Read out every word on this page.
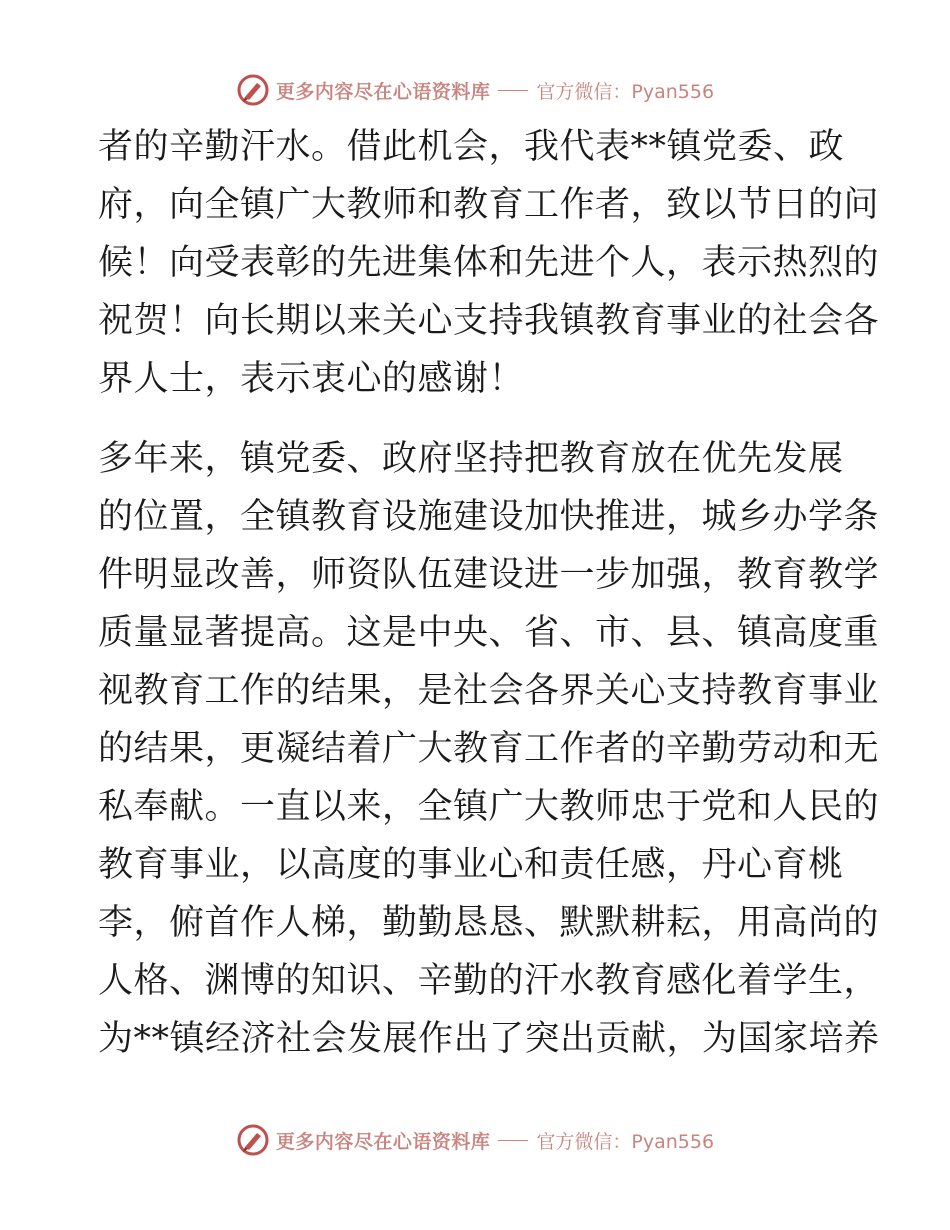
更多内容尽在心语资料库 官方微信：Pyan556
者的辛勤汗水。借此机会，我代表**镇党委、政
府，向全镇广大教师和教育工作者，致以节日的问
候！向受表彰的先进集体和先进个人，表示热烈的
祝贺！向长期以来关心支持我镇教育事业的社会各
界人士，表示衷心的感谢！
多年来，镇党委、政府坚持把教育放在优先发展
的位置，全镇教育设施建设加快推进，城乡办学条
件明显改善，师资队伍建设进一步加强，教育教学
质量显著提高。这是中央、省、市、县、镇高度重
视教育工作的结果，是社会各界关心支持教育事业
的结果，更凝结着广大教育工作者的辛勤劳动和无
私奉献。一直以来，全镇广大教师忠于党和人民的
教育事业，以高度的事业心和责任感，丹心育桃
李，俯首作人梯，勤勤恳恳、默默耕耘，用高尚的
人格、渊博的知识、辛勤的汗水教育感化着学生，
为**镇经济社会发展作出了突出贡献，为国家培养
更多内容尽在心语资料库 官方微信：Pyan556
